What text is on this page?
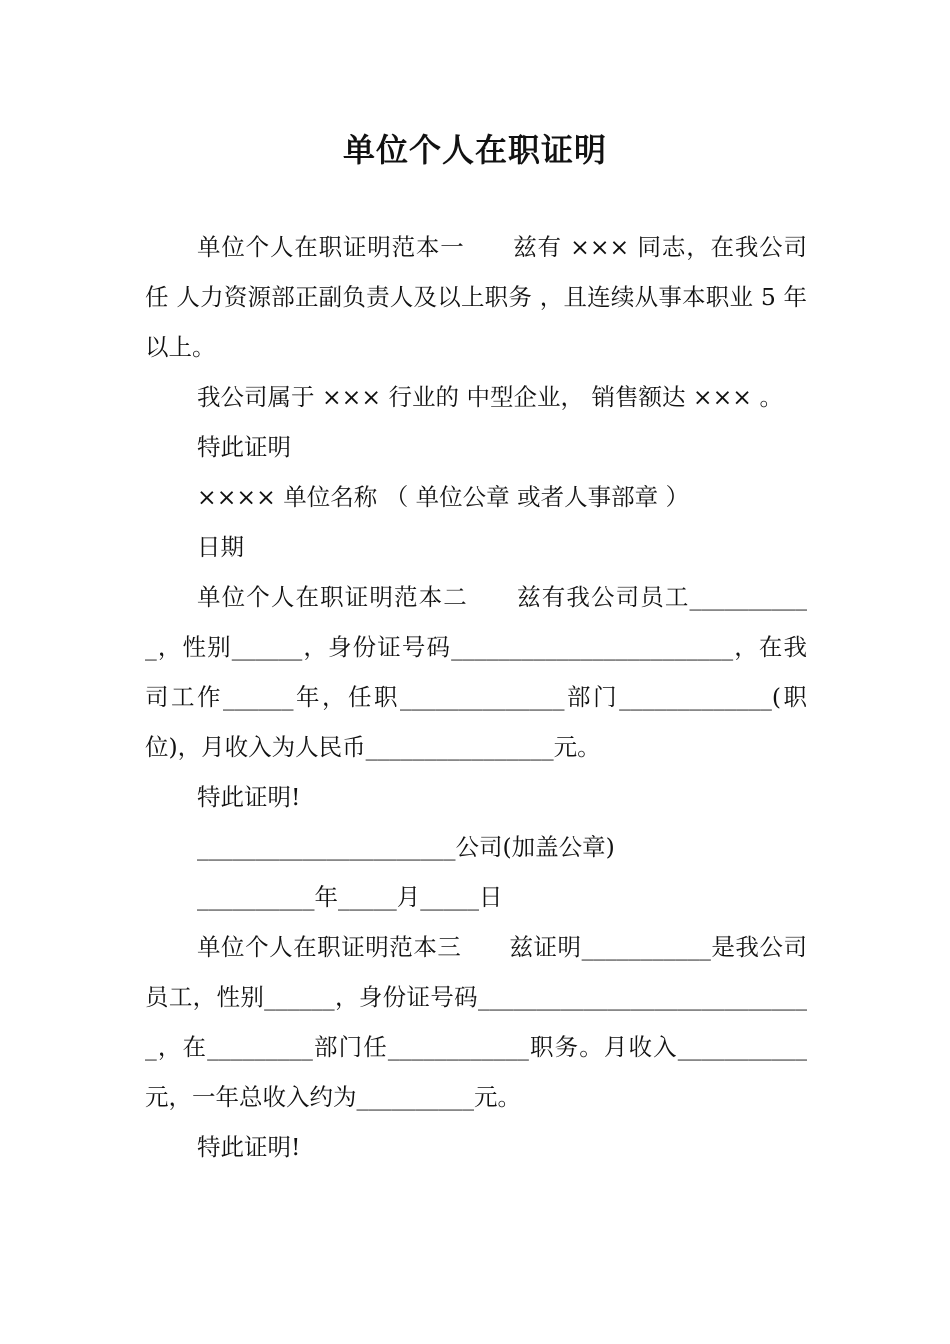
单位个人在职证明

单位个人在职证明范本一　　兹有 ××× 同志，在我公司任 人力资源部正副负责人及以上职务 ，且连续从事本职业 5 年以上。

我公司属于 ××× 行业的 中型企业， 销售额达 ××× 。

特此证明

×××× 单位名称 （ 单位公章 或者人事部章 ）

日期

单位个人在职证明范本二　　兹有我公司员工___________，性别______，身份证号码________________________，在我司工作______年，任职______________部门_____________(职位)，月收入为人民币________________元。

特此证明!

______________________公司(加盖公章)

__________年_____月_____日

单位个人在职证明范本三　　兹证明___________是我公司员工，性别______，身份证号码_____________________________，在_________部门任____________职务。月收入___________元，一年总收入约为__________元。

特此证明!
